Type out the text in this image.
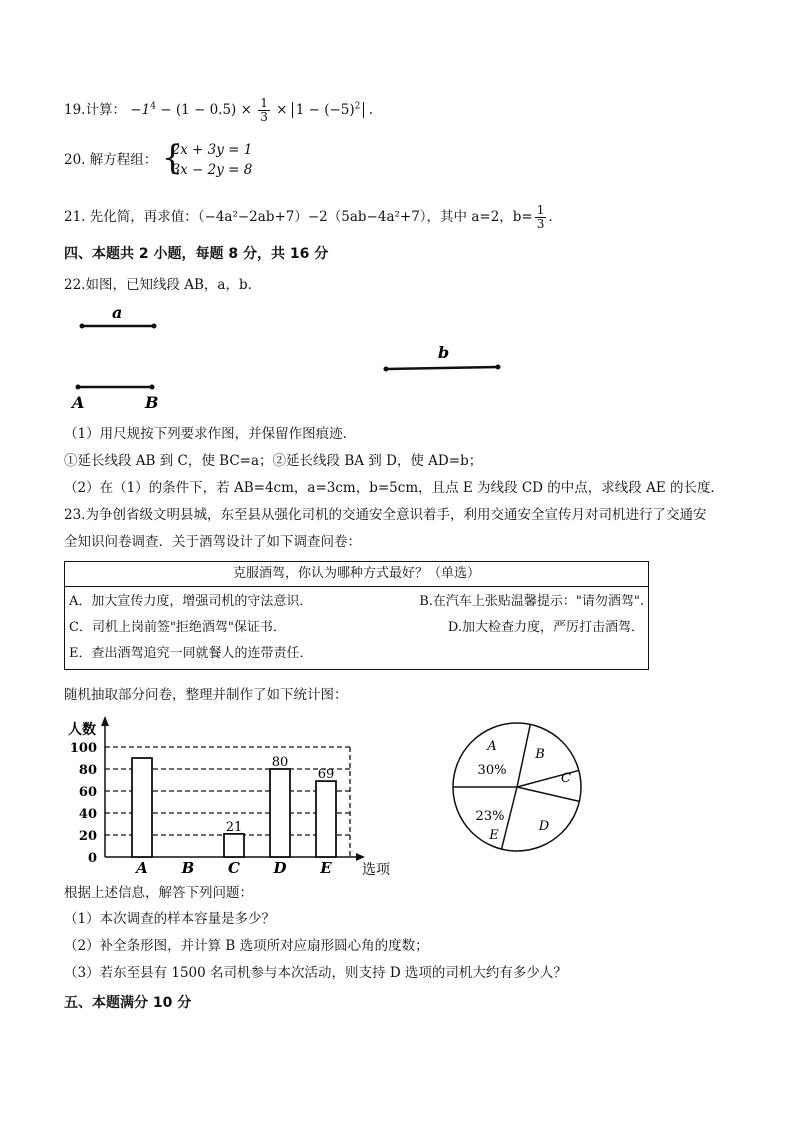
19.计算： $-1^4 - (1 - 0.5) \times \frac{1}{3} \times 1 - (-5)^2$ .
20. 解方程组： {
2x + 3y = 1
3x − 2y = 8
21. 先化简，再求值：（−4a²−2ab+7）−2（5ab−4a²+7），其中 a=2，$b= \frac{1}{3}$ .
四、本题共 2 小题，每题 8 分，共 16 分
22.如图，已知线段 AB，a，b．
a
b
A	B
（1）用尺规按下列要求作图，并保留作图痕迹．
①延长线段 AB 到 C，使 BC=a；②延长线段 BA 到 D，使 AD=b；
（2）在（1）的条件下，若 AB=4cm，a=3cm，b=5cm，且点 E 为线段 CD 的中点，求线段 AE 的长度．
23.为争创省级文明县城，东至县从强化司机的交通安全意识着手，利用交通安全宣传月对司机进行了交通安
全知识问卷调查．关于酒驾设计了如下调查问卷：
克服酒驾，你认为哪种方式最好？（单选）

A．加大宣传力度，增强司机的守法意识．	B.在汽车上张贴温馨提示："请勿酒驾".
C．司机上岗前签"拒绝酒驾"保证书．	D.加大检查力度，严厉打击酒驾．
E．查出酒驾追究一同就餐人的连带责任．
随机抽取部分问卷，整理并制作了如下统计图：
100
80
60
40
20
0
人数
选项
A B C
21
D
80
E
69
A
B
C
D
E
30%
23%
根据上述信息，解答下列问题：
（1）本次调查的样本容量是多少？
（2）补全条形图，并计算 B 选项所对应扇形圆心角的度数；
（3）若东至县有 1500 名司机参与本次活动，则支持 D 选项的司机大约有多少人？
五、本题满分 10 分
